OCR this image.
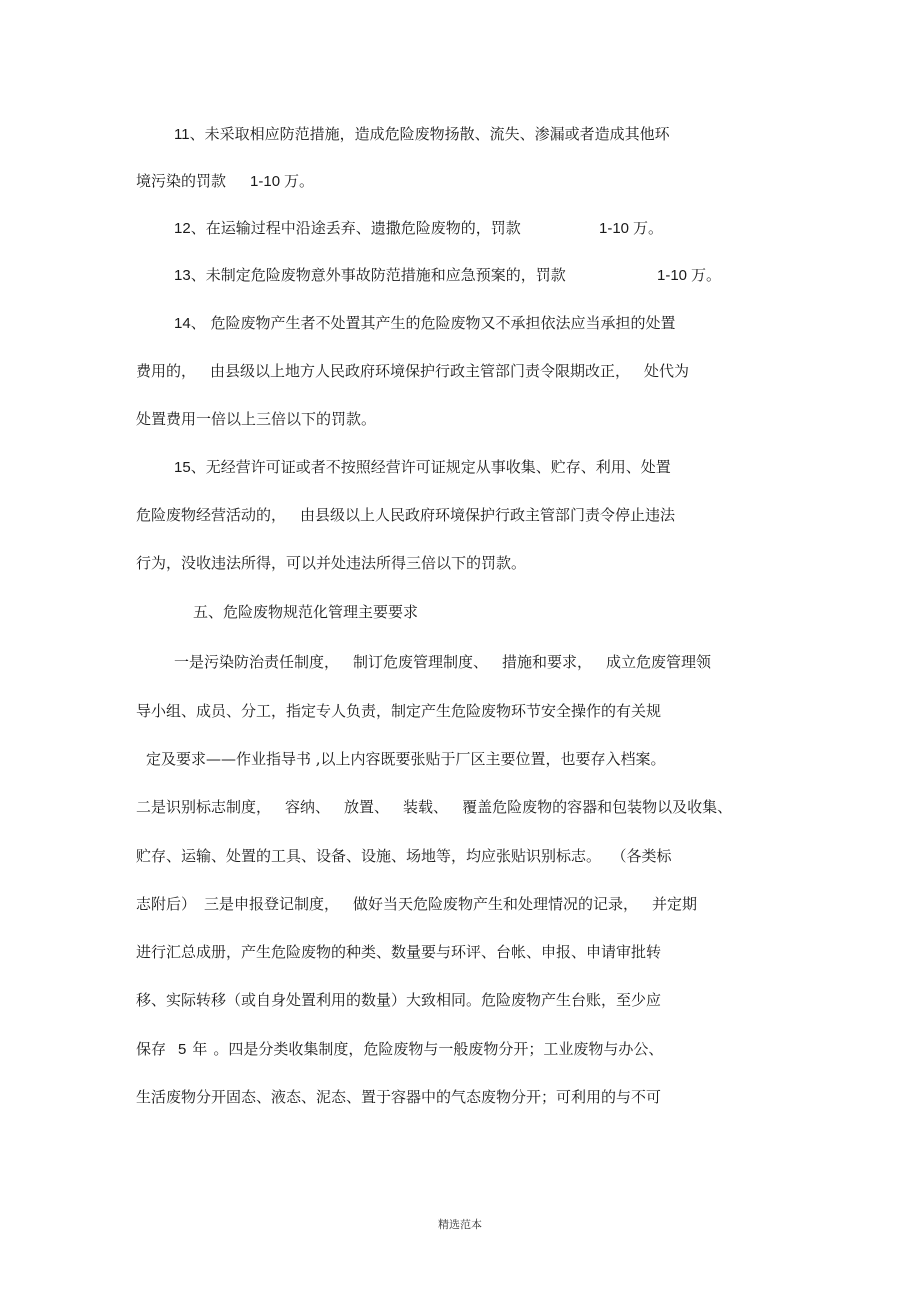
11、未采取相应防范措施，造成危险废物扬散、流失、渗漏或者造成其他环
境污染的罚款 1-10 万。
12、在运输过程中沿途丢弃、遗撒危险废物的，罚款	1-10 万。
13、未制定危险废物意外事故防范措施和应急预案的，罚款	1-10 万。
14、 危险废物产生者不处置其产生的危险废物又不承担依法应当承担的处置
费用的， 由县级以上地方人民政府环境保护行政主管部门责令限期改正， 处代为
处置费用一倍以上三倍以下的罚款。
15、无经营许可证或者不按照经营许可证规定从事收集、贮存、利用、处置
危险废物经营活动的， 由县级以上人民政府环境保护行政主管部门责令停止违法
行为，没收违法所得，可以并处违法所得三倍以下的罚款。
五、危险废物规范化管理主要要求
一是污染防治责任制度， 制订危废管理制度、 措施和要求， 成立危废管理领
导小组、成员、分工，指定专人负责，制定产生危险废物环节安全操作的有关规
定及要求——作业指导书 ,以上内容既要张贴于厂区主要位置，也要存入档案。
二是识别标志制度， 容纳、 放置、 装载、 覆盖危险废物的容器和包装物以及收集、
贮存、运输、处置的工具、设备、设施、场地等，均应张贴识别标志。 （各类标
志附后） 三是申报登记制度， 做好当天危险废物产生和处理情况的记录， 并定期
进行汇总成册，产生危险废物的种类、数量要与环评、台帐、申报、申请审批转
移、实际转移（或自身处置利用的数量）大致相同。危险废物产生台账，至少应
保存 5 年 。四是分类收集制度，危险废物与一般废物分开；工业废物与办公、
生活废物分开固态、液态、泥态、置于容器中的气态废物分开；可利用的与不可
精选范本
